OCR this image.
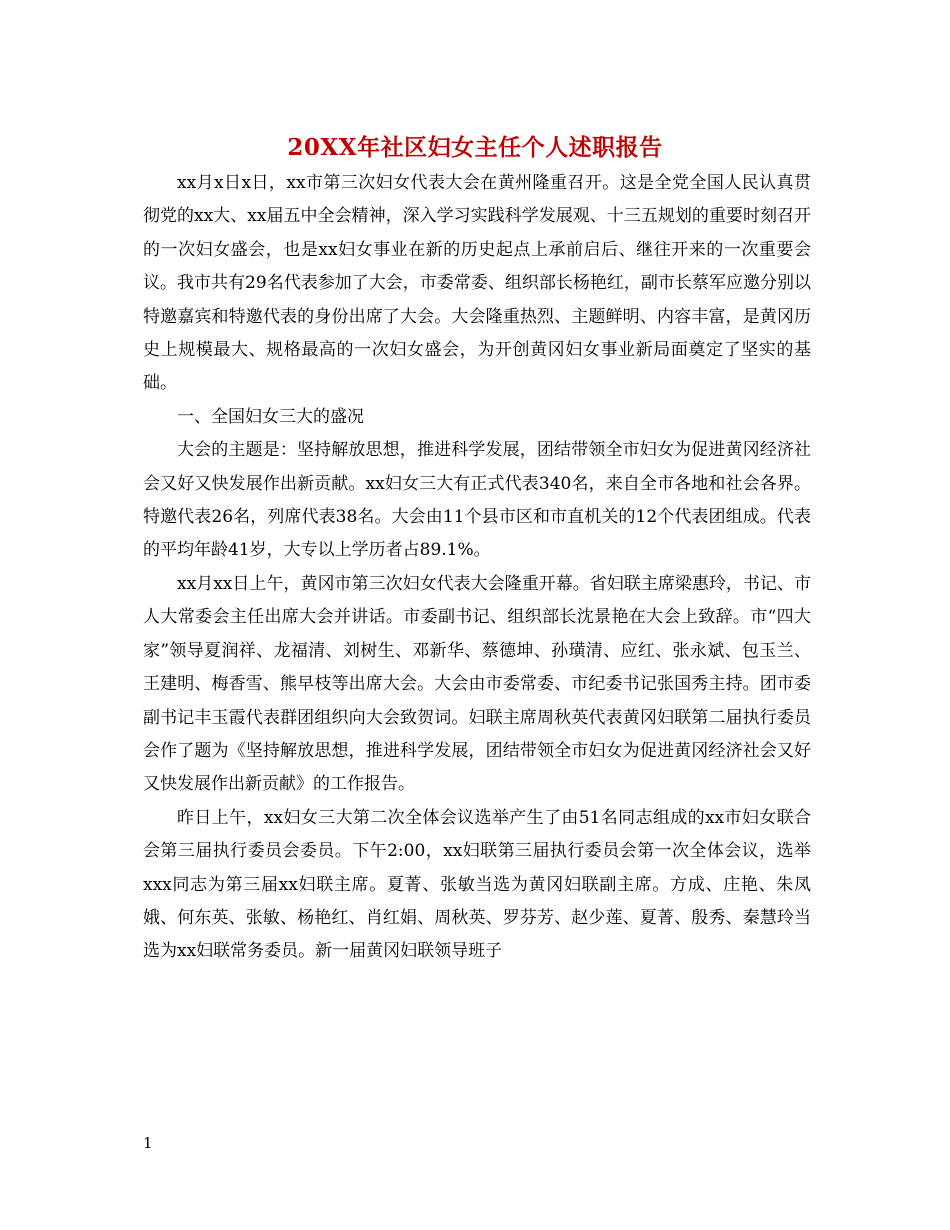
20XX年社区妇女主任个人述职报告

xx月x日x日，xx市第三次妇女代表大会在黄州隆重召开。这是全党全国人民认真贯彻党的xx大、xx届五中全会精神，深入学习实践科学发展观、十三五规划的重要时刻召开的一次妇女盛会，也是xx妇女事业在新的历史起点上承前启后、继往开来的一次重要会议。我市共有29名代表参加了大会，市委常委、组织部长杨艳红，副市长蔡军应邀分别以特邀嘉宾和特邀代表的身份出席了大会。大会隆重热烈、主题鲜明、内容丰富，是黄冈历史上规模最大、规格最高的一次妇女盛会，为开创黄冈妇女事业新局面奠定了坚实的基础。

一、全国妇女三大的盛况

大会的主题是：坚持解放思想，推进科学发展，团结带领全市妇女为促进黄冈经济社会又好又快发展作出新贡献。xx妇女三大有正式代表340名，来自全市各地和社会各界。特邀代表26名，列席代表38名。大会由11个县市区和市直机关的12个代表团组成。代表的平均年龄41岁，大专以上学历者占89.1%。

xx月xx日上午，黄冈市第三次妇女代表大会隆重开幕。省妇联主席梁惠玲，书记、市人大常委会主任出席大会并讲话。市委副书记、组织部长沈景艳在大会上致辞。市“四大家”领导夏润祥、龙福清、刘树生、邓新华、蔡德坤、孙璜清、应红、张永斌、包玉兰、王建明、梅香雪、熊早枝等出席大会。大会由市委常委、市纪委书记张国秀主持。团市委副书记丰玉霞代表群团组织向大会致贺词。妇联主席周秋英代表黄冈妇联第二届执行委员会作了题为《坚持解放思想，推进科学发展，团结带领全市妇女为促进黄冈经济社会又好又快发展作出新贡献》的工作报告。

昨日上午，xx妇女三大第二次全体会议选举产生了由51名同志组成的xx市妇女联合会第三届执行委员会委员。下午2:00，xx妇联第三届执行委员会第一次全体会议，选举xxx同志为第三届xx妇联主席。夏菁、张敏当选为黄冈妇联副主席。方成、庄艳、朱凤娥、何东英、张敏、杨艳红、肖红娟、周秋英、罗芬芳、赵少莲、夏菁、殷秀、秦慧玲当选为xx妇联常务委员。新一届黄冈妇联领导班子

1
